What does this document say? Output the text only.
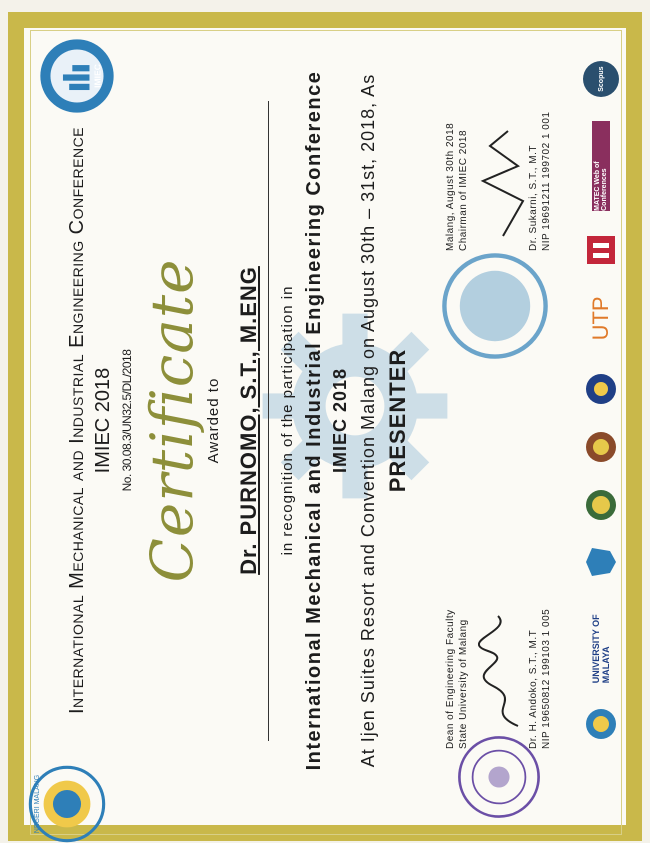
IMIEC
NEGERI MALANG
International Mechanical and Industrial Engineering Conference IMIEC 2018 No. 30.08.3/UN32.5/DL/2018 Certificate Awarded to Dr. PURNOMO, S.T., M.ENG in recognition of the participation in International Mechanical and Industrial Engineering Conference IMIEC 2018 At Ijen Suites Resort and Convention Malang on August 30th – 31st, 2018, As PRESENTER
Dean of Engineering Faculty State University of Malang	Dr. H. Andoko, S.T., M.T NIP 19650812 199103 1 005
Malang, August 30th 2018 Chairman of IMIEC 2018	Dr. Sukarni, S.T., M.T NIP 19691211 199702 1 001
UNIVERSITY OF MALAYA
UTP
MATEC Web of Conferences
Scopus
